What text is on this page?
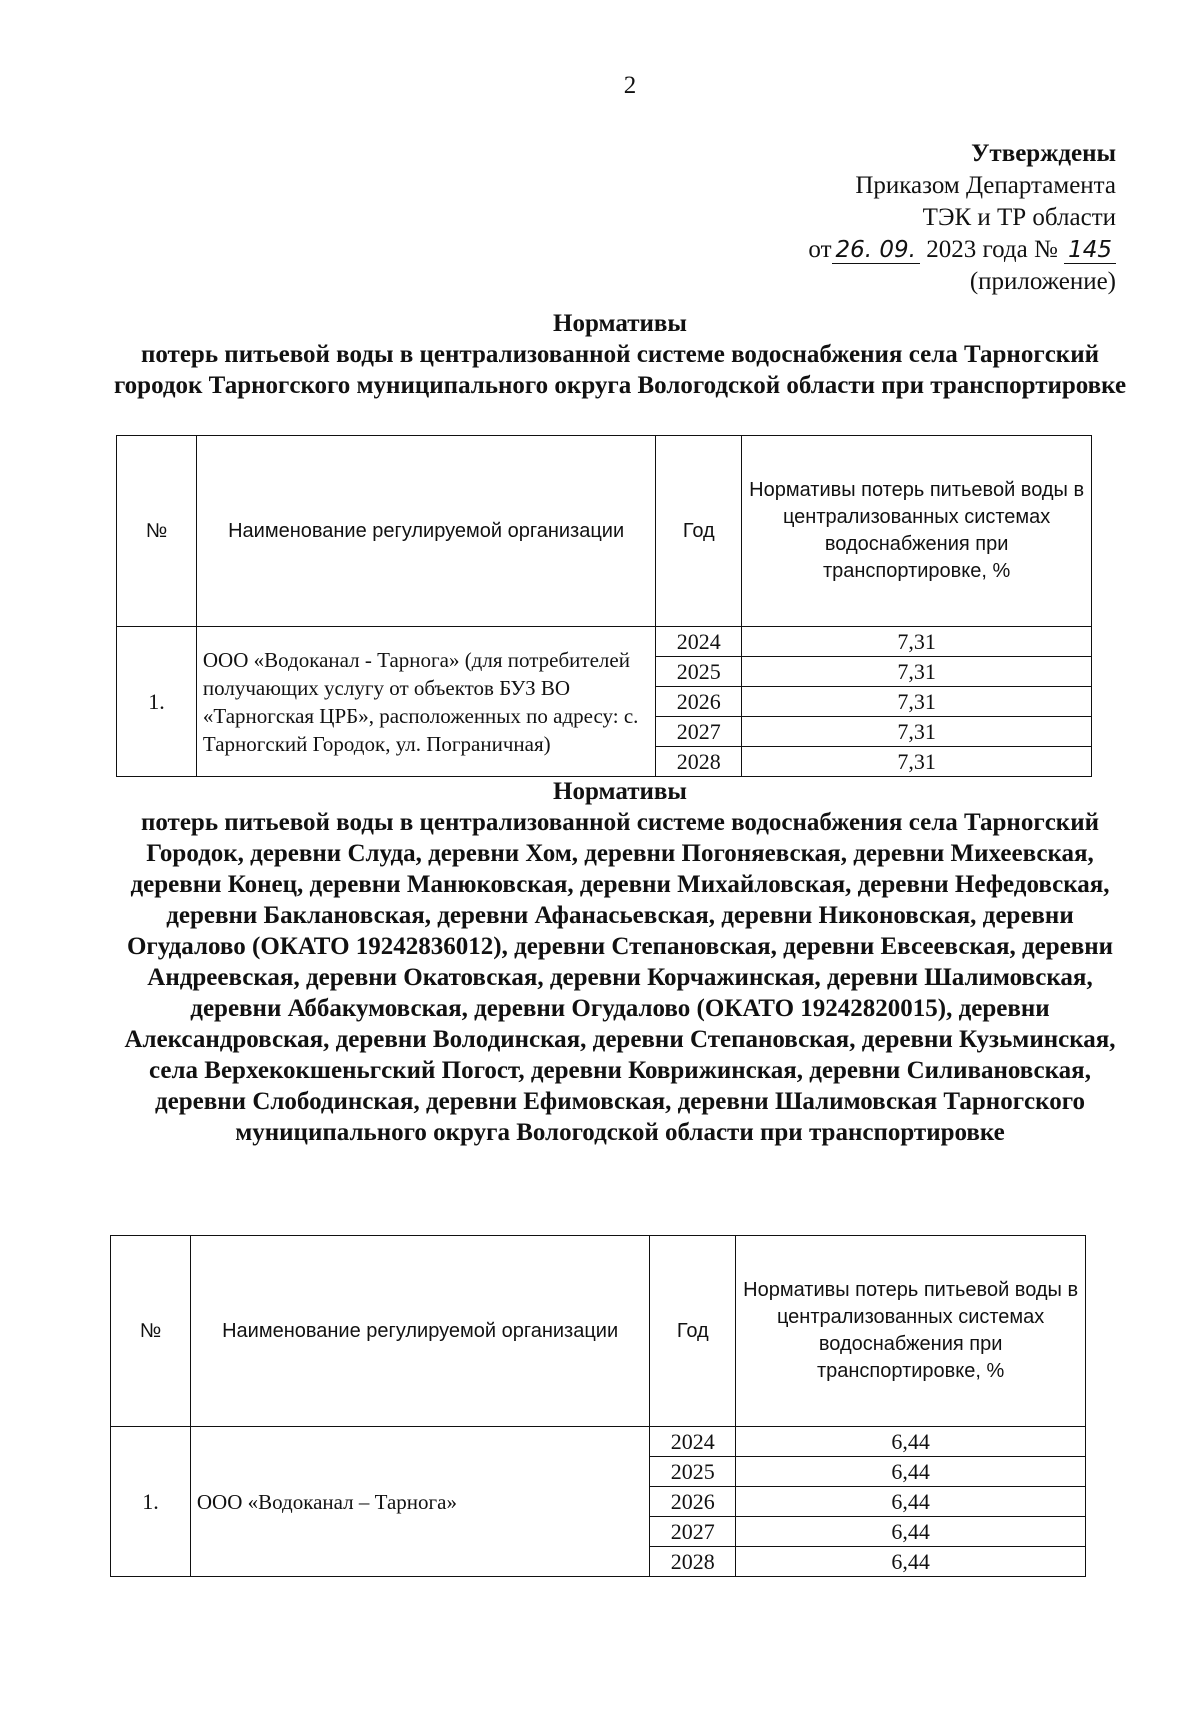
2
Утверждены
Приказом Департамента
ТЭК и ТР области
от 26. 09. 2023 года № 145
(приложение)
Нормативы
потерь питьевой воды в централизованной системе водоснабжения села Тарногский городок Тарногского муниципального округа Вологодской области при транспортировке
№	Наименование регулируемой организации	Год	Нормативы потерь питьевой воды в централизованных системах водоснабжения при транспортировке, %
1.	ООО «Водоканал - Тарнога» (для потребителей получающих услугу от объектов БУЗ ВО «Тарногская ЦРБ», расположенных по адресу: с. Тарногский Городок, ул. Пограничная)	2024	7,31
		2025	7,31
		2026	7,31
		2027	7,31
		2028	7,31
Нормативы
потерь питьевой воды в централизованной системе водоснабжения села Тарногский Городок, деревни Слуда, деревни Хом, деревни Погоняевская, деревни Михеевская, деревни Конец, деревни Манюковская, деревни Михайловская, деревни Нефедовская, деревни Баклановская, деревни Афанасьевская, деревни Никоновская, деревни Огудалово (ОКАТО 19242836012), деревни Степановская, деревни Евсеевская, деревни Андреевская, деревни Окатовская, деревни Корчажинская, деревни Шалимовская, деревни Аббакумовская, деревни Огудалово (ОКАТО 19242820015), деревни Александровская, деревни Володинская, деревни Степановская, деревни Кузьминская, села Верхекокшеньгский Погост, деревни Коврижинская, деревни Силивановская, деревни Слободинская, деревни Ефимовская, деревни Шалимовская Тарногского муниципального округа Вологодской области при транспортировке
№	Наименование регулируемой организации	Год	Нормативы потерь питьевой воды в централизованных системах водоснабжения при транспортировке, %
1.	ООО «Водоканал – Тарнога»	2024	6,44
		2025	6,44
		2026	6,44
		2027	6,44
		2028	6,44
